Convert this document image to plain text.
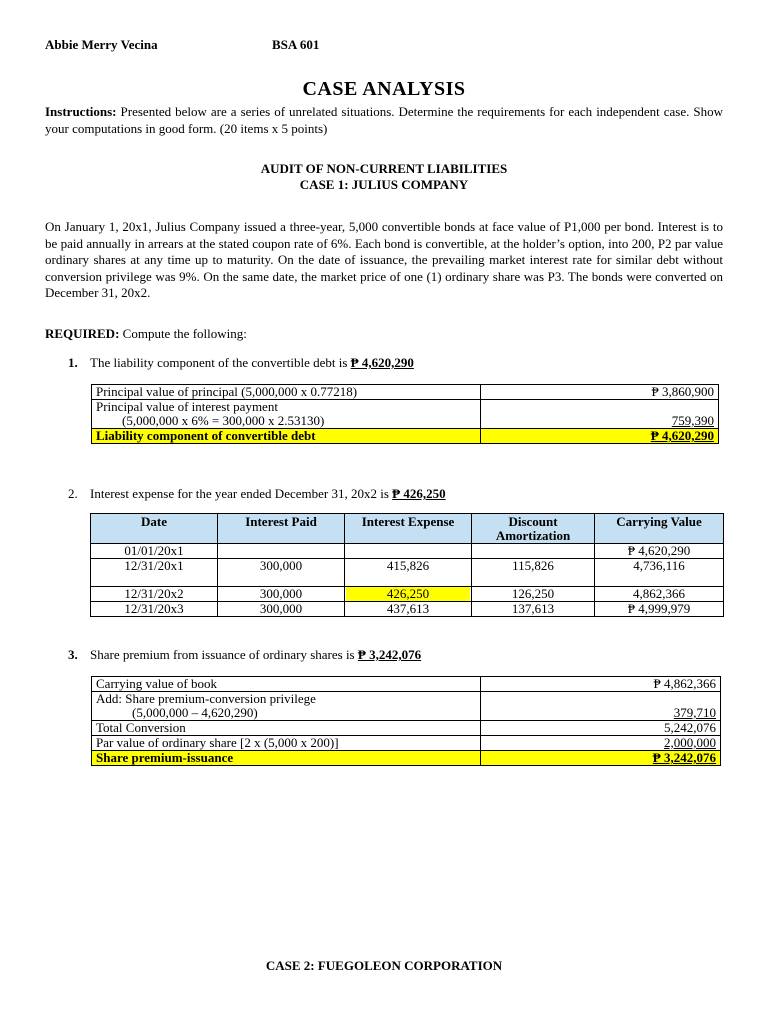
Abbie Merry Vecina	BSA 601
CASE ANALYSIS
Instructions: Presented below are a series of unrelated situations. Determine the requirements for each independent case. Show your computations in good form. (20 items x 5 points)
AUDIT OF NON-CURRENT LIABILITIES
CASE 1: JULIUS COMPANY
On January 1, 20x1, Julius Company issued a three-year, 5,000 convertible bonds at face value of P1,000 per bond. Interest is to be paid annually in arrears at the stated coupon rate of 6%. Each bond is convertible, at the holder’s option, into 200, P2 par value ordinary shares at any time up to maturity. On the date of issuance, the prevailing market interest rate for similar debt without conversion privilege was 9%. On the same date, the market price of one (1) ordinary share was P3. The bonds were converted on December 31, 20x2.
REQUIRED: Compute the following:
1. The liability component of the convertible debt is ₱ 4,620,290
Principal value of principal (5,000,000 x 0.77218)	₱ 3,860,900

Principal value of interest payment
(5,000,000 x 6% = 300,000 x 2.53130)	759,390
Liability component of convertible debt	₱ 4,620,290
2. Interest expense for the year ended December 31, 20x2 is ₱ 426,250
Date	Interest Paid	Interest Expense	Discount Amortization	Carrying Value
01/01/20x1				₱ 4,620,290
12/31/20x1	300,000	415,826	115,826	4,736,116
12/31/20x2	300,000	426,250	126,250	4,862,366
12/31/20x3	300,000	437,613	137,613	₱ 4,999,979
3. Share premium from issuance of ordinary shares is ₱ 3,242,076
Carrying value of book	₱ 4,862,366

Add: Share premium-conversion privilege
(5,000,000 – 4,620,290)	379,710
Total Conversion	5,242,076
Par value of ordinary share [2 x (5,000 x 200)]	2,000,000
Share premium-issuance	₱ 3,242,076
CASE 2: FUEGOLEON CORPORATION
